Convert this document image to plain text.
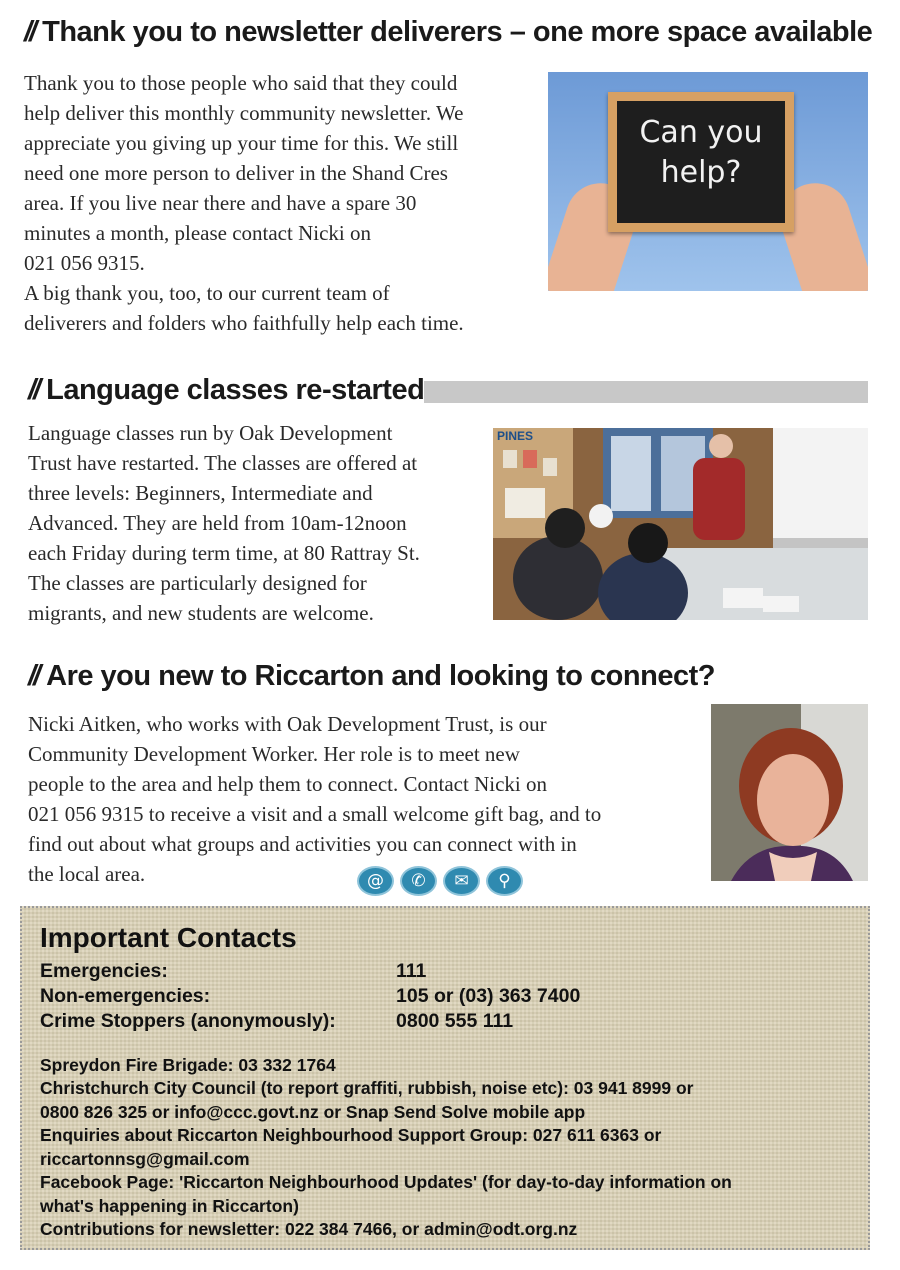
// Thank you to newsletter deliverers – one more space available

Thank you to those people who said that they could

help deliver this monthly community newsletter. We

appreciate you giving up your time for this. We still

need one more person to deliver in the Shand Cres

area. If you live near there and have a spare 30

minutes a month, please contact Nicki on

021 056 9315.

A big thank you, too, to our current team of

deliverers and folders who faithfully help each time.

Can you
help?
// Language classes re-started

Language classes run by Oak Development

Trust have restarted. The classes are offered at

three levels: Beginners, Intermediate and

Advanced. They are held from 10am-12noon

each Friday during term time, at 80 Rattray St.

The classes are particularly designed for

migrants, and new students are welcome.

PINES
// Are you new to Riccarton and looking to connect?

Nicki Aitken, who works with Oak Development Trust, is our

Community Development Worker. Her role is to meet new

people to the area and help them to connect. Contact Nicki on

021 056 9315 to receive a visit and a small welcome gift bag, and to

find out about what groups and activities you can connect with in

the local area.	@	✆	✉	⚲
Important Contacts
Emergencies:	111
Non-emergencies:	105 or (03) 363 7400
Crime Stoppers (anonymously):	0800 555 111
Spreydon Fire Brigade: 03 332 1764
Christchurch City Council (to report graffiti, rubbish, noise etc): 03 941 8999 or
0800 826 325 or info@ccc.govt.nz or Snap Send Solve mobile app
Enquiries about Riccarton Neighbourhood Support Group: 027 611 6363 or
riccartonnsg@gmail.com
Facebook Page: 'Riccarton Neighbourhood Updates' (for day-to-day information on
what's happening in Riccarton)
Contributions for newsletter: 022 384 7466, or admin@odt.org.nz
